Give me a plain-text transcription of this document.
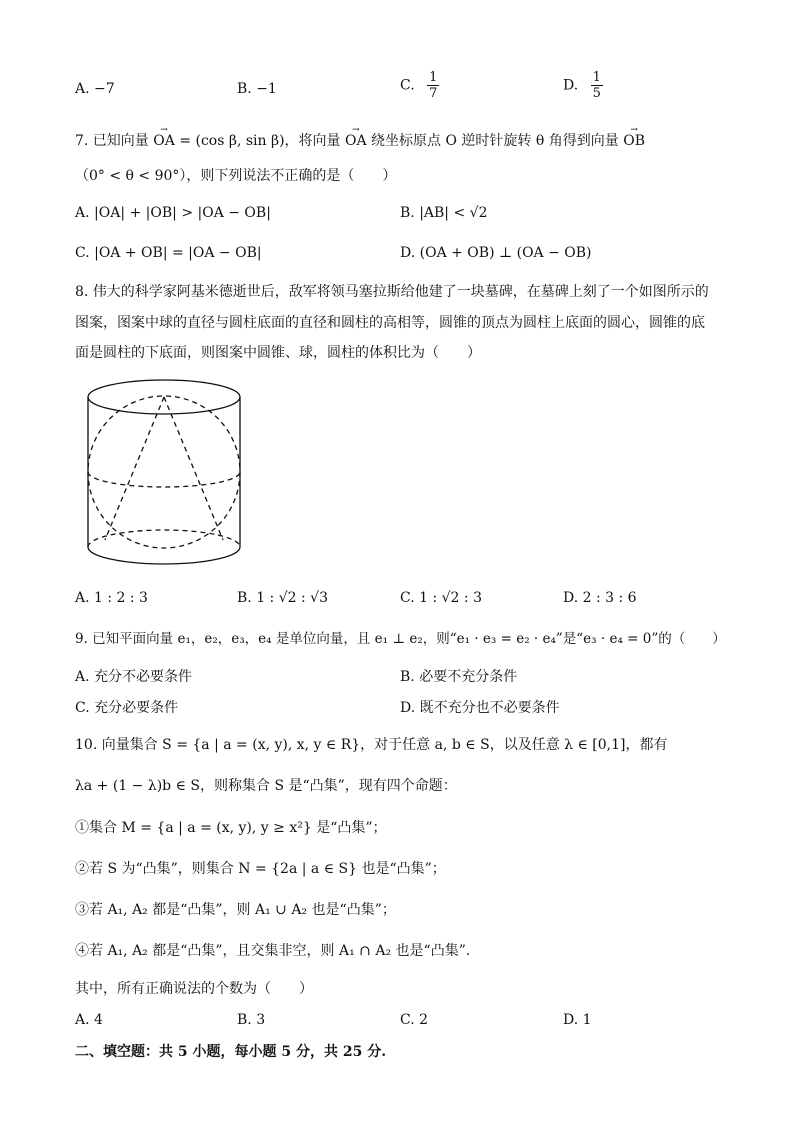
A. −7	B. −1	C. $\frac{1}{7}$	D. $\frac{1}{5}$
7. 已知向量 → OA = (cos β, sin β)，将向量 → OA 绕坐标原点 O 逆时针旋转 θ 角得到向量 → OB
（0° < θ < 90°），则下列说法不正确的是（　　）
A. |OA| + |OB| > |OA − OB|	B. |AB| < √2
C. |OA + OB| = |OA − OB|	D. (OA + OB) ⊥ (OA − OB)
8. 伟大的科学家阿基米德逝世后，敌军将领马塞拉斯给他建了一块墓碑，在墓碑上刻了一个如图所示的
图案，图案中球的直径与圆柱底面的直径和圆柱的高相等，圆锥的顶点为圆柱上底面的圆心，圆锥的底
面是圆柱的下底面，则图案中圆锥、球，圆柱的体积比为（　　）
A. 1 : 2 : 3	B. 1 : √2 : √3	C. 1 : √2 : 3	D. 2 : 3 : 6
9. 已知平面向量 e₁，e₂，e₃，e₄ 是单位向量，且 e₁ ⊥ e₂，则“e₁ · e₃ = e₂ · e₄”是“e₃ · e₄ = 0”的（　　）
A. 充分不必要条件	B. 必要不充分条件
C. 充分必要条件	D. 既不充分也不必要条件
10. 向量集合 S = {a | a = (x, y), x, y ∈ R}，对于任意 a, b ∈ S，以及任意 λ ∈ [0,1]，都有
λa + (1 − λ)b ∈ S，则称集合 S 是“凸集”，现有四个命题：
①集合 M = {a | a = (x, y), y ≥ x²} 是“凸集”；
②若 S 为“凸集”，则集合 N = {2a | a ∈ S} 也是“凸集”；
③若 A₁, A₂ 都是“凸集”，则 A₁ ∪ A₂ 也是“凸集”；
④若 A₁, A₂ 都是“凸集”，且交集非空，则 A₁ ∩ A₂ 也是“凸集”.
其中，所有正确说法的个数为（　　）
A. 4	B. 3	C. 2	D. 1
二、填空题：共 5 小题，每小题 5 分，共 25 分.
